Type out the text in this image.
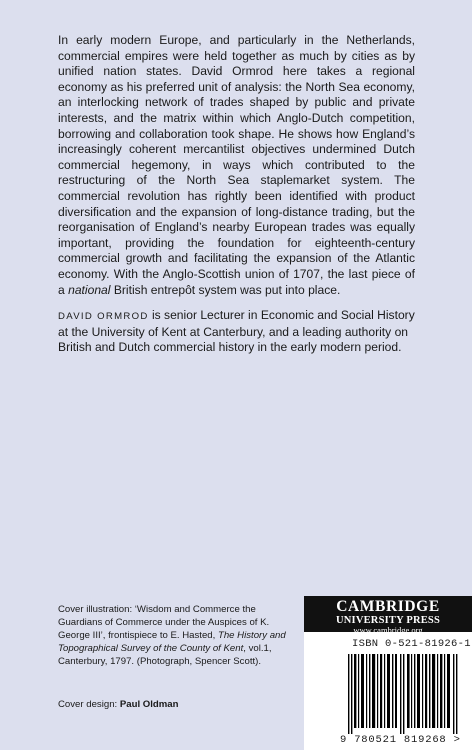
In early modern Europe, and particularly in the Netherlands, commercial empires were held together as much by cities as by unified nation states. David Ormrod here takes a regional economy as his preferred unit of analysis: the North Sea economy, an interlocking network of trades shaped by public and private interests, and the matrix within which Anglo-Dutch competition, borrowing and collaboration took shape. He shows how England’s increasingly coherent mercantilist objectives undermined Dutch commercial hegemony, in ways which contributed to the restructuring of the North Sea staplemarket system. The commercial revolution has rightly been identified with product diversification and the expansion of long-distance trading, but the reorganisation of England’s nearby European trades was equally important, providing the foundation for eighteenth-century commercial growth and facilitating the expansion of the Atlantic economy. With the Anglo-Scottish union of 1707, the last piece of a national British entrepôt system was put into place.

DAVID ORMROD is senior Lecturer in Economic and Social History at the University of Kent at Canterbury, and a leading authority on British and Dutch commercial history in the early modern period.

Cover illustration: ‘Wisdom and Commerce the Guardians of Commerce under the Auspices of K. George III’, frontispiece to E. Hasted, The History and Topographical Survey of the County of Kent, vol.1, Canterbury, 1797. (Photograph, Spencer Scott).

Cover design: Paul Oldman

CAMBRIDGE
UNIVERSITY PRESS
www.cambridge.org
ISBN 0-521-81926-1
9 780521 819268 >
